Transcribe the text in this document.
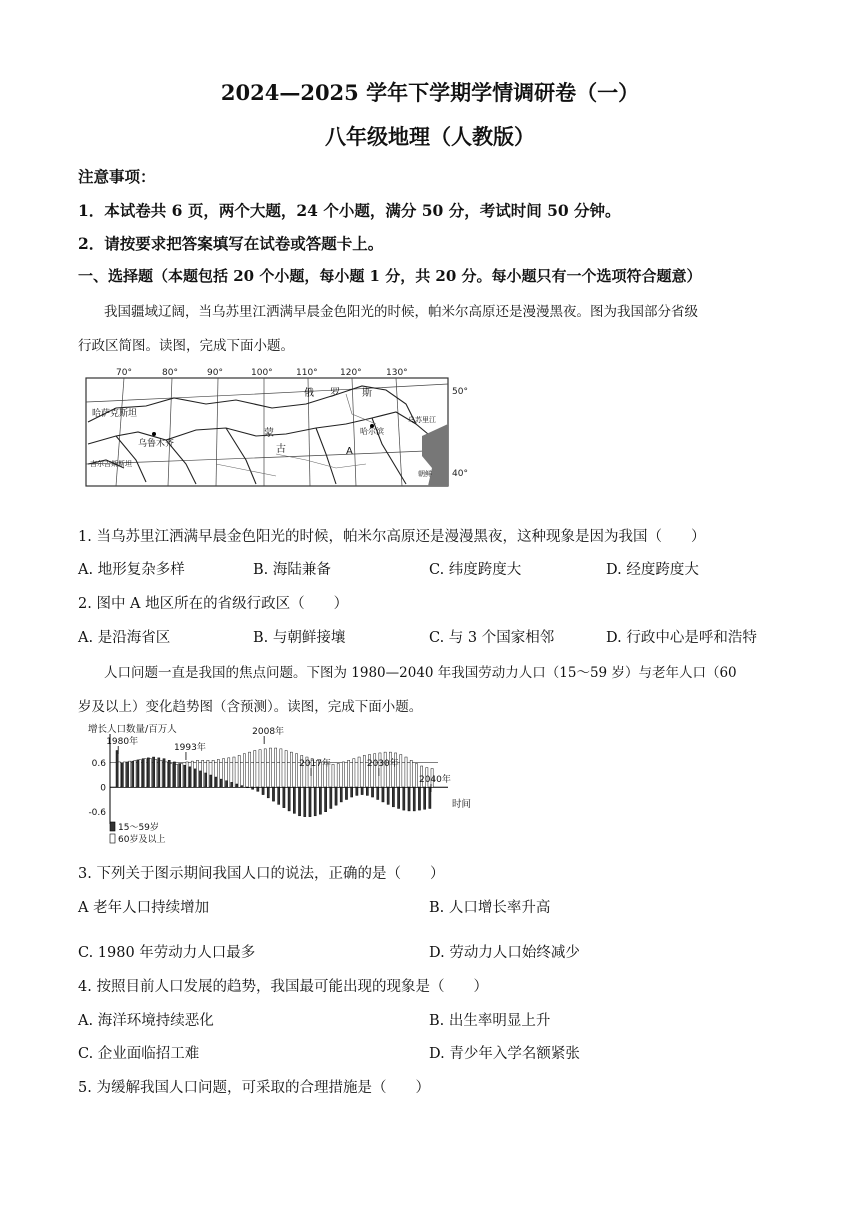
2024—2025 学年下学期学情调研卷（一）
八年级地理（人教版）
注意事项：
1．本试卷共 6 页，两个大题，24 个小题，满分 50 分，考试时间 50 分钟。
2．请按要求把答案填写在试卷或答题卡上。
一、选择题（本题包括 20 个小题，每小题 1 分，共 20 分。每小题只有一个选项符合题意）
我国疆域辽阔，当乌苏里江洒满早晨金色阳光的时候，帕米尔高原还是漫漫黑夜。图为我国部分省级
行政区简图。读图，完成下面小题。
70°	80°	90°	100°	110° 120°	130°
50°
40°
哈萨克斯坦
乌鲁木齐
俄 罗 斯
蒙
古	A
哈尔滨
乌苏里江
朝鲜
吉尔吉斯斯坦
1. 当乌苏里江洒满早晨金色阳光的时候，帕米尔高原还是漫漫黑夜，这种现象是因为我国（　　）
A. 地形复杂多样	B. 海陆兼备	C. 纬度跨度大	D. 经度跨度大
2. 图中 A 地区所在的省级行政区（　　）
A. 是沿海省区	B. 与朝鲜接壤	C. 与 3 个国家相邻	D. 行政中心是呼和浩特
人口问题一直是我国的焦点问题。下图为 1980—2040 年我国劳动力人口（15～59 岁）与老年人口（60
岁及以上）变化趋势图（含预测）。读图，完成下面小题。
增长人口数量/百万人
0.6
0
-0.6
1980年
1993年
2008年
2017年	2030年
2040年
时间
15～59岁
60岁及以上
3. 下列关于图示期间我国人口的说法，正确的是（　　）
A 老年人口持续增加	B. 人口增长率升高
C. 1980 年劳动力人口最多	D. 劳动力人口始终减少
4. 按照目前人口发展的趋势，我国最可能出现的现象是（　　）
A. 海洋环境持续恶化	B. 出生率明显上升
C. 企业面临招工难	D. 青少年入学名额紧张
5. 为缓解我国人口问题，可采取的合理措施是（　　）
